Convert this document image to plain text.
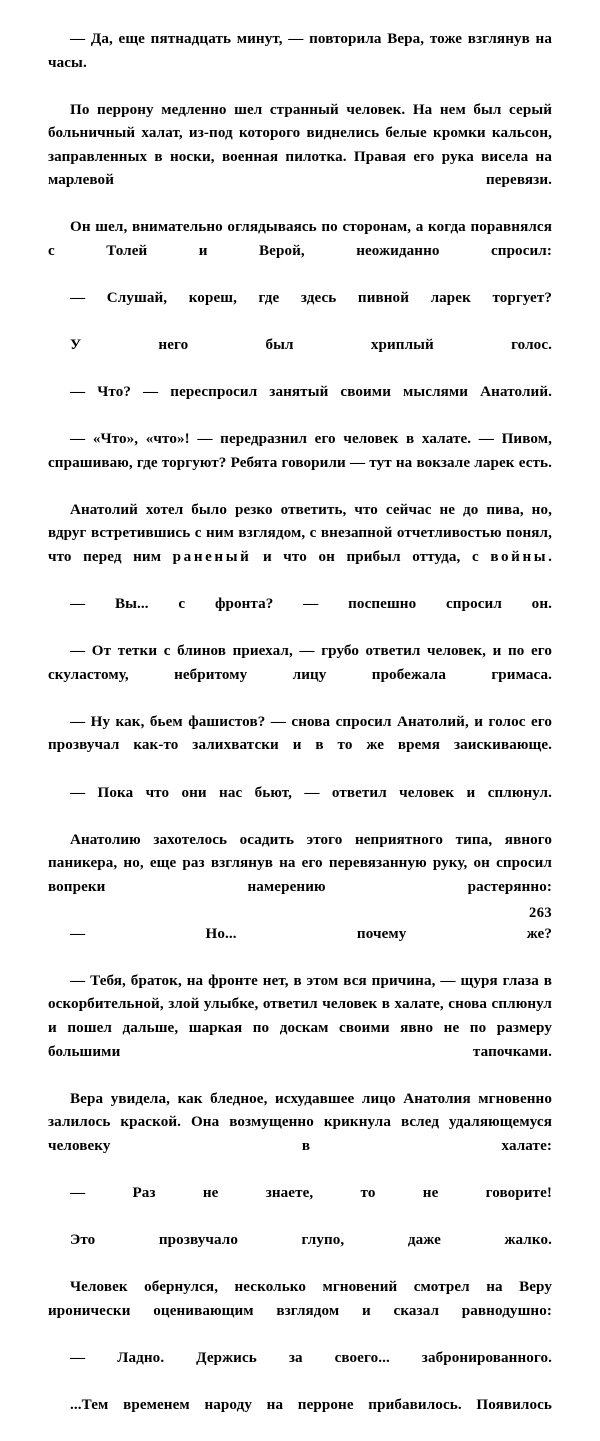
— Да, еще пятнадцать минут, — повторила Вера, тоже взглянув на часы.

По перрону медленно шел странный человек. На нем был серый больничный халат, из-под которого виднелись белые кромки кальсон, заправленных в носки, военная пилотка. Правая его рука висела на марлевой перевязи.

Он шел, внимательно оглядываясь по сторонам, а когда поравнялся с Толей и Верой, неожиданно спросил:

— Слушай, кореш, где здесь пивной ларек торгует?

У него был хриплый голос.

— Что? — переспросил занятый своими мыслями Анатолий.

— «Что», «что»! — передразнил его человек в халате. — Пивом, спрашиваю, где торгуют? Ребята говорили — тут на вокзале ларек есть.

Анатолий хотел было резко ответить, что сейчас не до пива, но, вдруг встретившись с ним взглядом, с внезапной отчетливостью понял, что перед ним раненый и что он прибыл оттуда, с войны.

— Вы... с фронта? — поспешно спросил он.

— От тетки с блинов приехал, — грубо ответил человек, и по его скуластому, небритому лицу пробежала гримаса.

— Ну как, бьем фашистов? — снова спросил Анатолий, и голос его прозвучал как-то залихватски и в то же время заискивающе.

— Пока что они нас бьют, — ответил человек и сплюнул.

Анатолию захотелось осадить этого неприятного типа, явного паникера, но, еще раз взглянув на его перевязанную руку, он спросил вопреки намерению растерянно:

— Но... почему же?

— Тебя, браток, на фронте нет, в этом вся причина, — щуря глаза в оскорбительной, злой улыбке, ответил человек в халате, снова сплюнул и пошел дальше, шаркая по доскам своими явно не по размеру большими тапочками.

Вера увидела, как бледное, исхудавшее лицо Анатолия мгновенно залилось краской. Она возмущенно крикнула вслед удаляющемуся человеку в халате:

— Раз не знаете, то не говорите!

Это прозвучало глупо, даже жалко.

Человек обернулся, несколько мгновений смотрел на Веру иронически оценивающим взглядом и сказал равнодушно:

— Ладно. Держись за своего... забронированного.

...Тем временем народу на перроне прибавилось. Появилось

263
